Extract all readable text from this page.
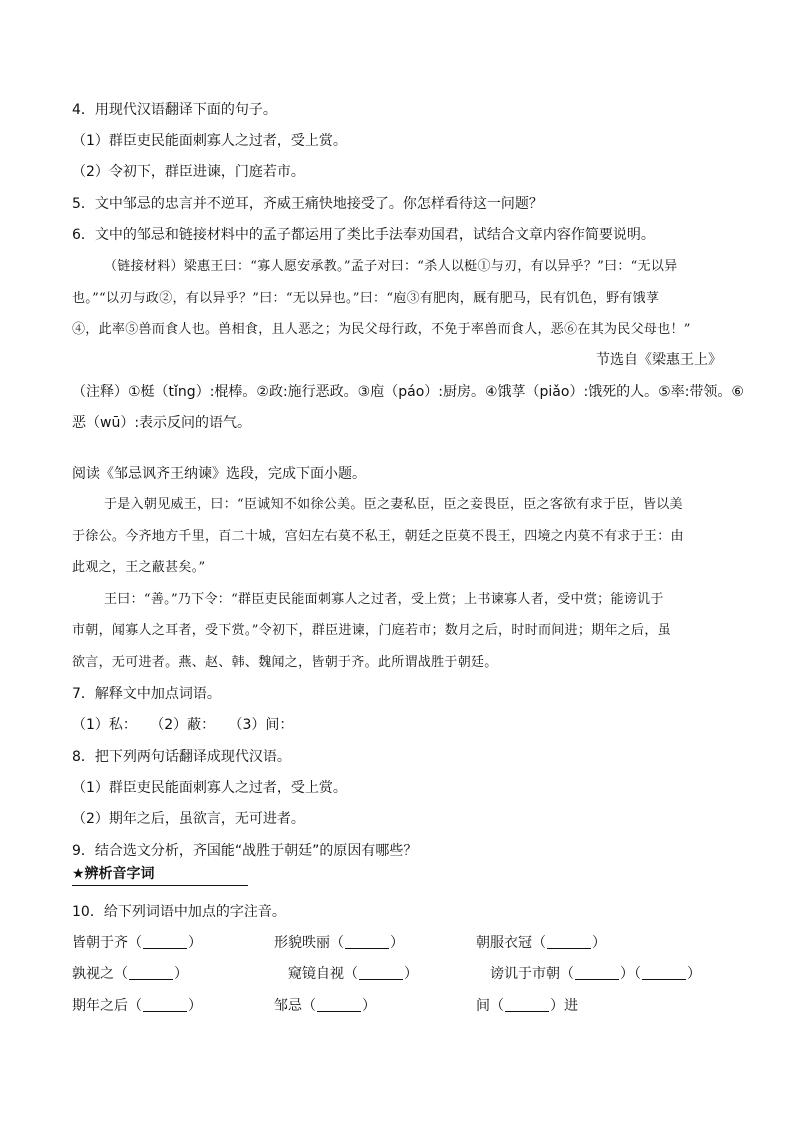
4．用现代汉语翻译下面的句子。
（1）群臣吏民能面刺寡人之过者，受上赏。
（2）令初下，群臣进谏，门庭若市。
5．文中邹忌的忠言并不逆耳，齐威王痛快地接受了。你怎样看待这一问题？
6．文中的邹忌和链接材料中的孟子都运用了类比手法奉劝国君，试结合文章内容作简要说明。
（链接材料）梁惠王曰：“寡人愿安承教。”孟子对曰：“杀人以梃①与刃，有以异乎？”曰：“无以异
也。”“以刃与政②，有以异乎？”曰：“无以异也。”曰：“庖③有肥肉，厩有肥马，民有饥色，野有饿莩
④，此率⑤兽而食人也。兽相食，且人恶之；为民父母行政，不免于率兽而食人，恶⑥在其为民父母也！”
节选自《梁惠王上》
（注释）①梃（tǐng）:棍棒。②政:施行恶政。③庖（páo）:厨房。④饿莩（piǎo）:饿死的人。⑤率:带领。⑥
恶（wū）:表示反问的语气。
阅读《邹忌讽齐王纳谏》选段，完成下面小题。
于是入朝见威王，曰：“臣诚知不如徐公美。臣之妻私臣，臣之妾畏臣，臣之客欲有求于臣，皆以美
于徐公。今齐地方千里，百二十城，宫妇左右莫不私王，朝廷之臣莫不畏王，四境之内莫不有求于王：由
此观之，王之蔽甚矣。”
王曰：“善。”乃下令：“群臣吏民能面刺寡人之过者，受上赏；上书谏寡人者，受中赏；能谤讥于
市朝，闻寡人之耳者，受下赏。”令初下，群臣进谏，门庭若市；数月之后，时时而间进；期年之后，虽
欲言，无可进者。燕、赵、韩、魏闻之，皆朝于齐。此所谓战胜于朝廷。
7．解释文中加点词语。
（1）私：   （2）蔽：   （3）间：
8．把下列两句话翻译成现代汉语。
（1）群臣吏民能面刺寡人之过者，受上赏。
（2）期年之后，虽欲言，无可进者。
9．结合选文分析，齐国能“战胜于朝廷”的原因有哪些？
★辨析音字词
10．给下列词语中加点的字注音。
皆朝于齐（	）	形貌昳丽（	）	朝服衣冠（	）
孰视之（	）	窥镜自视（	）	谤讥于市朝（	）（	）
期年之后（	）	邹忌（	）	间（	）进
